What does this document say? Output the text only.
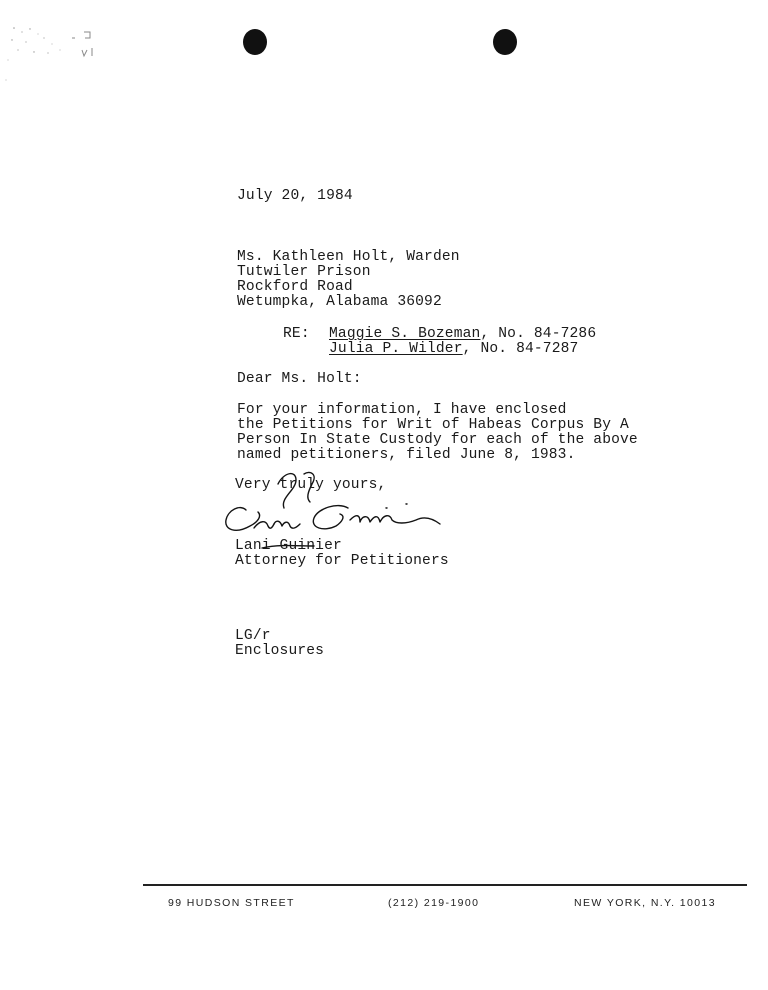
July 20, 1984
Ms. Kathleen Holt, Warden
Tutwiler Prison
Rockford Road
Wetumpka, Alabama 36092
RE: Maggie S. Bozeman, No. 84-7286
Julia P. Wilder, No. 84-7287
Dear Ms. Holt:
For your information, I have enclosed
the Petitions for Writ of Habeas Corpus By A
Person In State Custody for each of the above
named petitioners, filed June 8, 1983.
Very truly yours,
Lani Guinier
Attorney for Petitioners
LG/r
Enclosures
99 HUDSON STREET	(212) 219-1900	NEW YORK, N.Y. 10013
